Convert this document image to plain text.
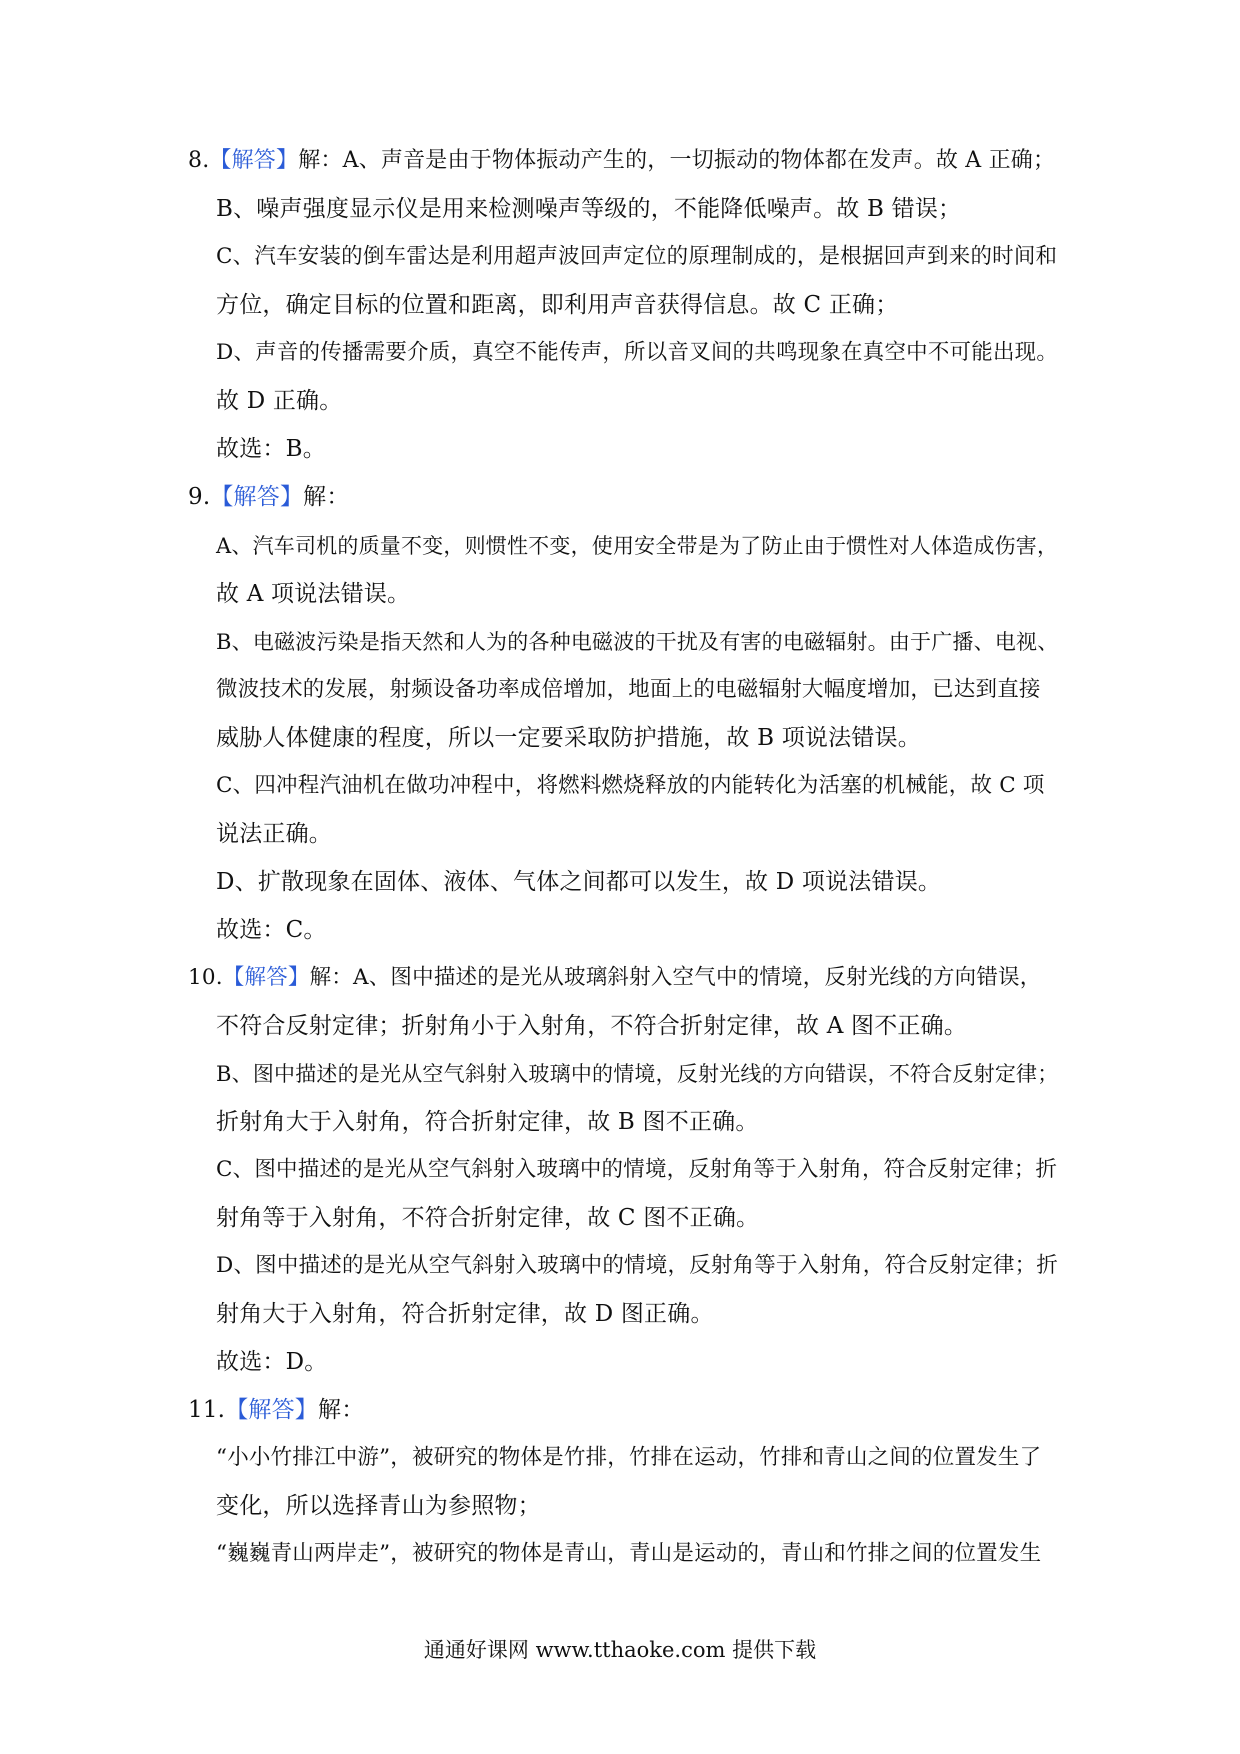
8.【解答】解：A、声音是由于物体振动产生的，一切振动的物体都在发声。故 A 正确；
B、噪声强度显示仪是用来检测噪声等级的，不能降低噪声。故 B 错误；
C、汽车安装的倒车雷达是利用超声波回声定位的原理制成的，是根据回声到来的时间和
方位，确定目标的位置和距离，即利用声音获得信息。故 C 正确；
D、声音的传播需要介质，真空不能传声，所以音叉间的共鸣现象在真空中不可能出现。
故 D 正确。
故选：B。
9.【解答】解：
A、汽车司机的质量不变，则惯性不变，使用安全带是为了防止由于惯性对人体造成伤害，
故 A 项说法错误。
B、电磁波污染是指天然和人为的各种电磁波的干扰及有害的电磁辐射。由于广播、电视、
微波技术的发展，射频设备功率成倍增加，地面上的电磁辐射大幅度增加，已达到直接
威胁人体健康的程度，所以一定要采取防护措施，故 B 项说法错误。
C、四冲程汽油机在做功冲程中，将燃料燃烧释放的内能转化为活塞的机械能，故 C 项
说法正确。
D、扩散现象在固体、液体、气体之间都可以发生，故 D 项说法错误。
故选：C。
10.【解答】解：A、图中描述的是光从玻璃斜射入空气中的情境，反射光线的方向错误，
不符合反射定律；折射角小于入射角，不符合折射定律，故 A 图不正确。
B、图中描述的是光从空气斜射入玻璃中的情境，反射光线的方向错误，不符合反射定律；
折射角大于入射角，符合折射定律，故 B 图不正确。
C、图中描述的是光从空气斜射入玻璃中的情境，反射角等于入射角，符合反射定律；折
射角等于入射角，不符合折射定律，故 C 图不正确。
D、图中描述的是光从空气斜射入玻璃中的情境，反射角等于入射角，符合反射定律；折
射角大于入射角，符合折射定律，故 D 图正确。
故选：D。
11.【解答】解：
“小小竹排江中游”，被研究的物体是竹排，竹排在运动，竹排和青山之间的位置发生了
变化，所以选择青山为参照物；
“巍巍青山两岸走”，被研究的物体是青山，青山是运动的，青山和竹排之间的位置发生
通通好课网 www.tthaoke.com 提供下载
